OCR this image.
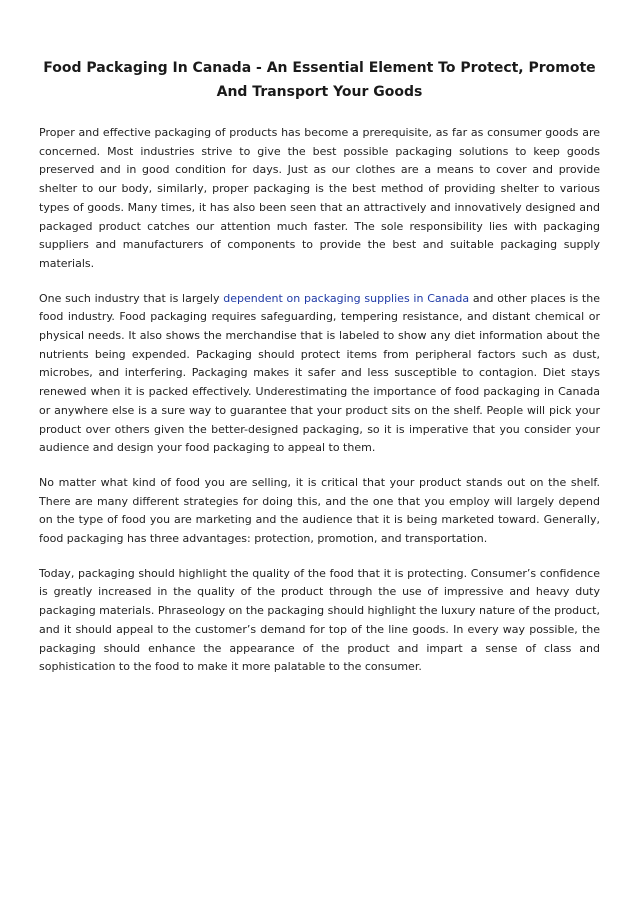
Food Packaging In Canada - An Essential Element To Protect, Promote And Transport Your Goods

Proper and effective packaging of products has become a prerequisite, as far as consumer goods are concerned. Most industries strive to give the best possible packaging solutions to keep goods preserved and in good condition for days. Just as our clothes are a means to cover and provide shelter to our body, similarly, proper packaging is the best method of providing shelter to various types of goods. Many times, it has also been seen that an attractively and innovatively designed and packaged product catches our attention much faster. The sole responsibility lies with packaging suppliers and manufacturers of components to provide the best and suitable packaging supply materials.

One such industry that is largely dependent on packaging supplies in Canada and other places is the food industry. Food packaging requires safeguarding, tempering resistance, and distant chemical or physical needs. It also shows the merchandise that is labeled to show any diet information about the nutrients being expended. Packaging should protect items from peripheral factors such as dust, microbes, and interfering. Packaging makes it safer and less susceptible to contagion. Diet stays renewed when it is packed effectively. Underestimating the importance of food packaging in Canada or anywhere else is a sure way to guarantee that your product sits on the shelf. People will pick your product over others given the better-designed packaging, so it is imperative that you consider your audience and design your food packaging to appeal to them.

No matter what kind of food you are selling, it is critical that your product stands out on the shelf. There are many different strategies for doing this, and the one that you employ will largely depend on the type of food you are marketing and the audience that it is being marketed toward. Generally, food packaging has three advantages: protection, promotion, and transportation.

Today, packaging should highlight the quality of the food that it is protecting. Consumer’s confidence is greatly increased in the quality of the product through the use of impressive and heavy duty packaging materials. Phraseology on the packaging should highlight the luxury nature of the product, and it should appeal to the customer’s demand for top of the line goods. In every way possible, the packaging should enhance the appearance of the product and impart a sense of class and sophistication to the food to make it more palatable to the consumer.
